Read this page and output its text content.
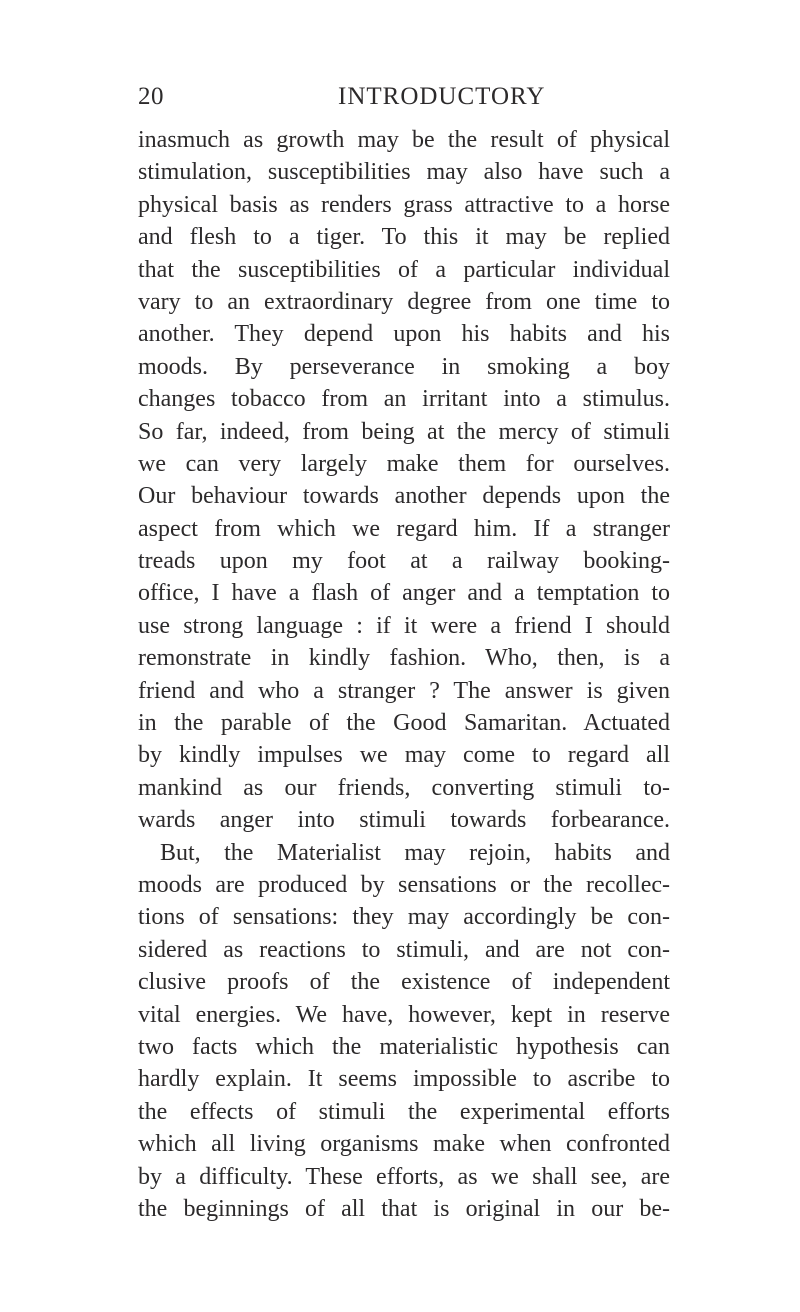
20	INTRODUCTORY
inasmuch as growth may be the result of physical
stimulation, susceptibilities may also have such a
physical basis as renders grass attractive to a horse
and flesh to a tiger. To this it may be replied
that the susceptibilities of a particular individual
vary to an extraordinary degree from one time to
another. They depend upon his habits and his
moods. By perseverance in smoking a boy
changes tobacco from an irritant into a stimulus.
So far, indeed, from being at the mercy of stimuli
we can very largely make them for ourselves.
Our behaviour towards another depends upon the
aspect from which we regard him. If a stranger
treads upon my foot at a railway booking-
office, I have a flash of anger and a temptation to
use strong language : if it were a friend I should
remonstrate in kindly fashion. Who, then, is a
friend and who a stranger ? The answer is given
in the parable of the Good Samaritan. Actuated
by kindly impulses we may come to regard all
mankind as our friends, converting stimuli to-
wards anger into stimuli towards forbearance.
But, the Materialist may rejoin, habits and
moods are produced by sensations or the recollec-
tions of sensations: they may accordingly be con-
sidered as reactions to stimuli, and are not con-
clusive proofs of the existence of independent
vital energies. We have, however, kept in reserve
two facts which the materialistic hypothesis can
hardly explain. It seems impossible to ascribe to
the effects of stimuli the experimental efforts
which all living organisms make when confronted
by a difficulty. These efforts, as we shall see, are
the beginnings of all that is original in our be-
